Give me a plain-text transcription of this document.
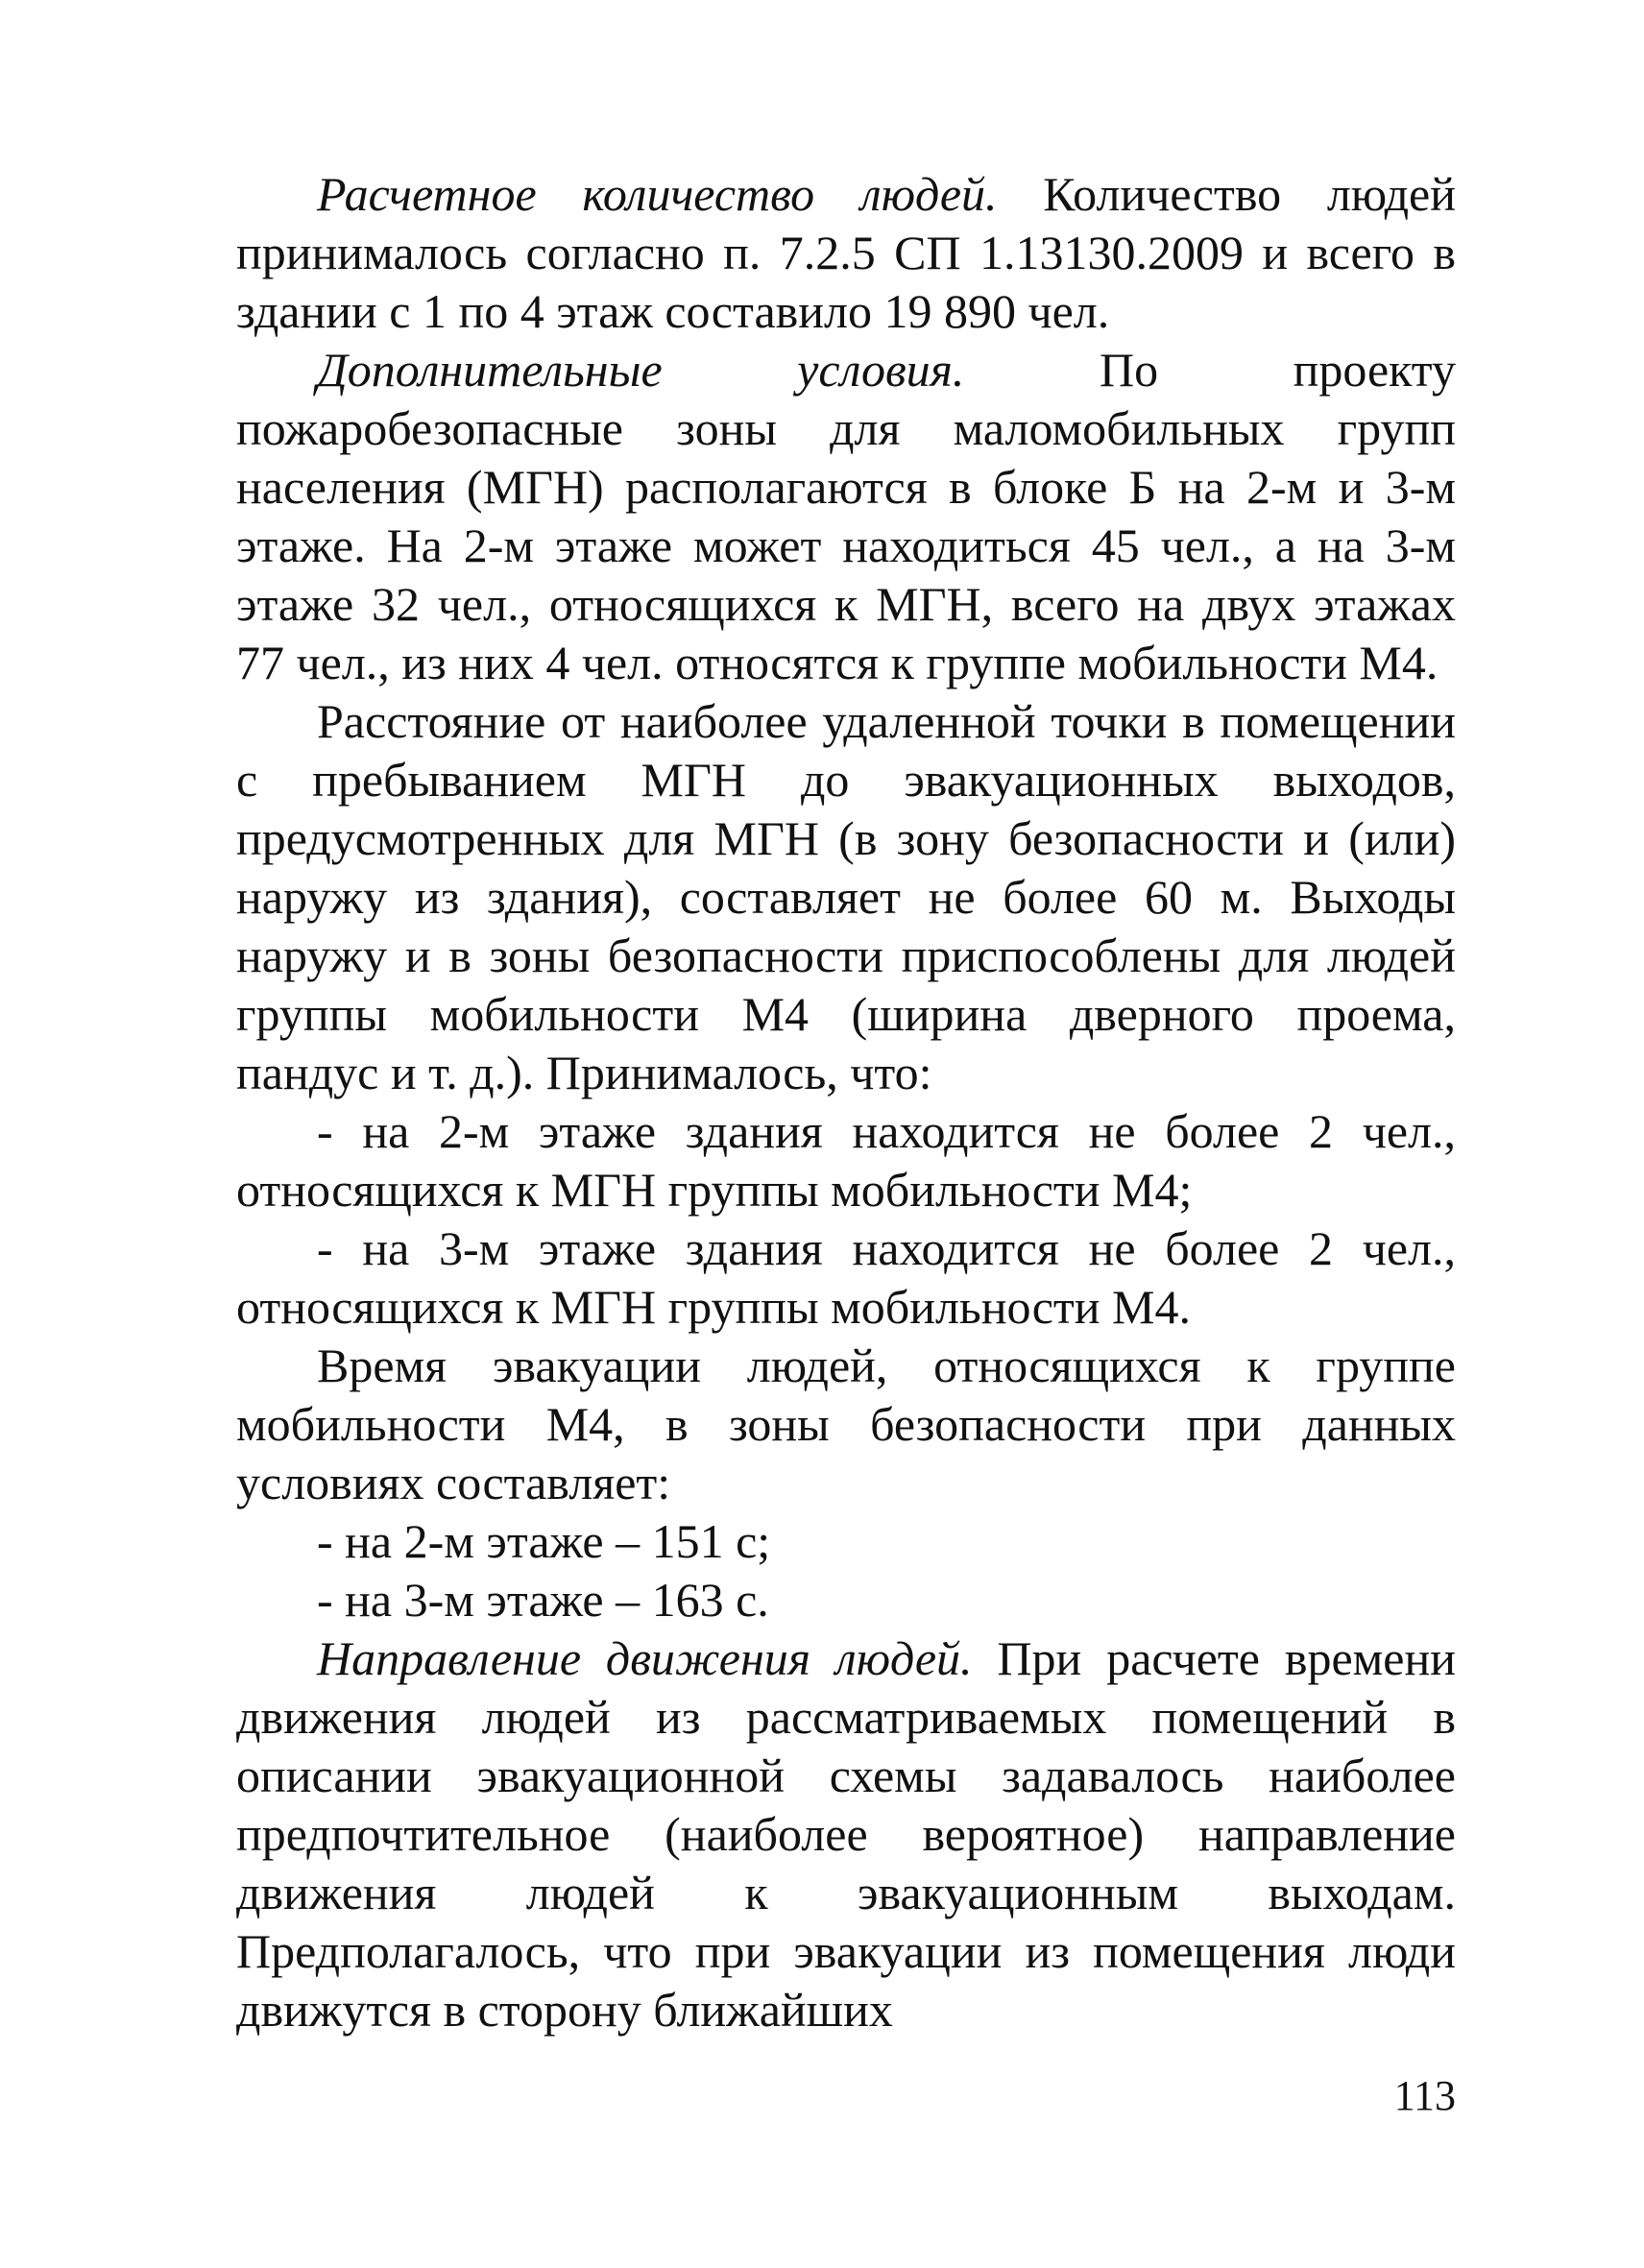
Расчетное количество людей. Количество людей принималось согласно п. 7.2.5 СП 1.13130.2009 и всего в здании с 1 по 4 этаж составило 19 890 чел.

Дополнительные условия. По проекту пожаробезопасные зоны для маломобильных групп населения (МГН) располагаются в блоке Б на 2-м и 3-м этаже. На 2-м этаже может находиться 45 чел., а на 3-м этаже 32 чел., относящихся к МГН, всего на двух этажах 77 чел., из них 4 чел. относятся к группе мобильности М4.

Расстояние от наиболее удаленной точки в помещении с пребыванием МГН до эвакуационных выходов, предусмотренных для МГН (в зону безопасности и (или) наружу из здания), составляет не более 60 м. Выходы наружу и в зоны безопасности приспособлены для людей группы мобильности М4 (ширина дверного проема, пандус и т. д.). Принималось, что:

- на 2-м этаже здания находится не более 2 чел., относящихся к МГН группы мобильности М4;

- на 3-м этаже здания находится не более 2 чел., относящихся к МГН группы мобильности М4.

Время эвакуации людей, относящихся к группе мобильности М4, в зоны безопасности при данных условиях составляет:

- на 2-м этаже – 151 с;

- на 3-м этаже – 163 с.

Направление движения людей. При расчете времени движения людей из рассматриваемых помещений в описании эвакуационной схемы задавалось наиболее предпочтительное (наиболее вероятное) направление движения людей к эвакуационным выходам. Предполагалось, что при эвакуации из помещения люди движутся в сторону ближайших

113
